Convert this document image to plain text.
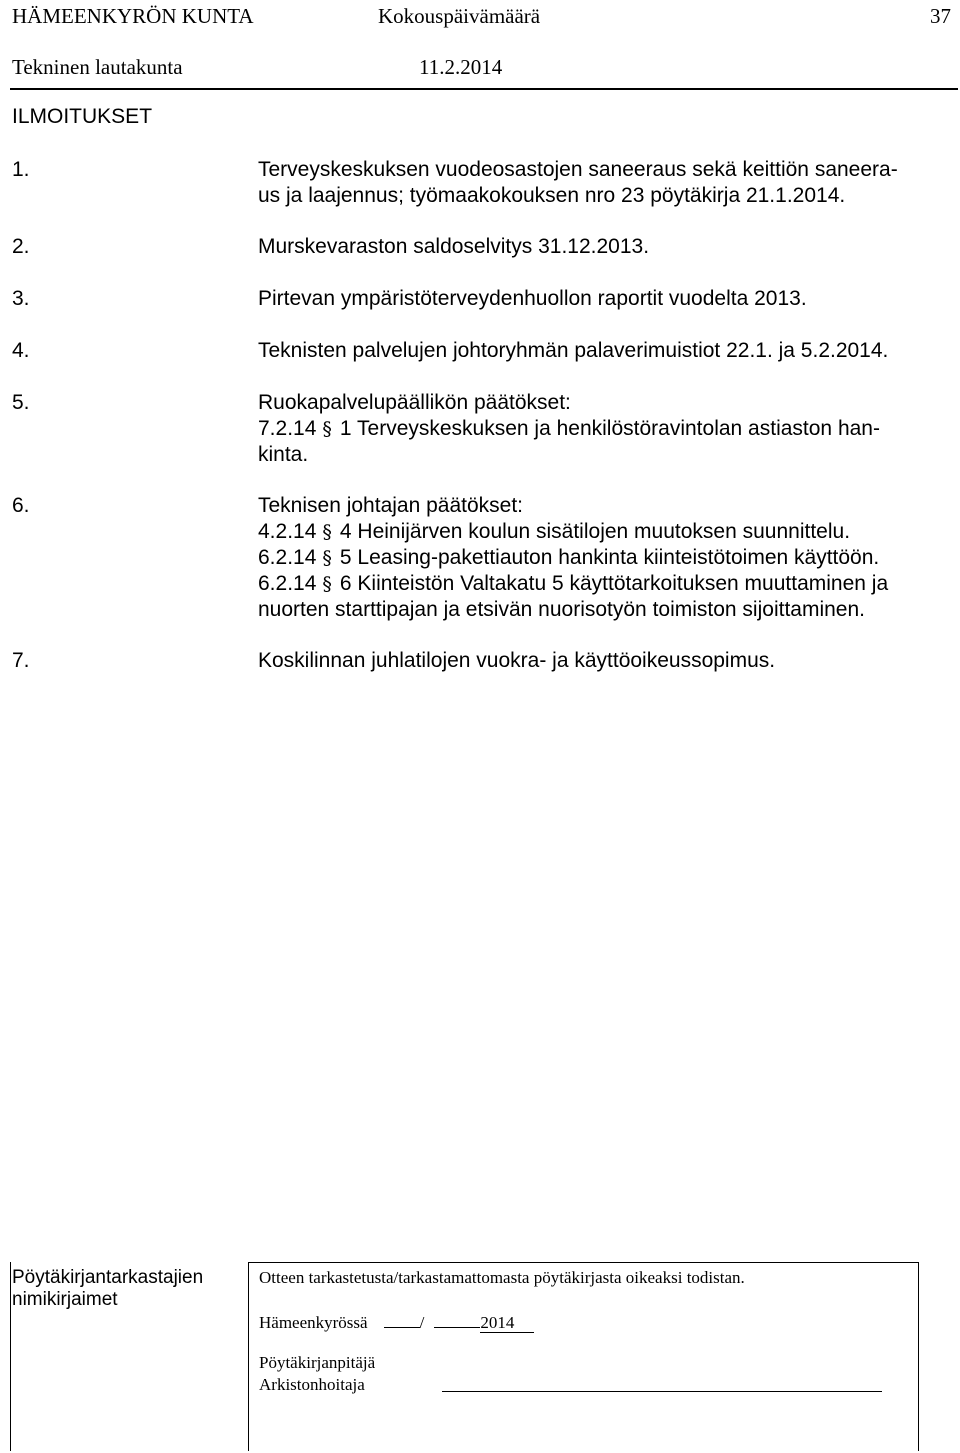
HÄMEENKYRÖN KUNTA	Kokouspäivämäärä	37
Tekninen lautakunta	11.2.2014
ILMOITUKSET
1.	Terveyskeskuksen vuodeosastojen saneeraus sekä keittiön saneera-
us ja laajennus; työmaakokouksen nro 23 pöytäkirja 21.1.2014.
2.	Murskevaraston saldoselvitys 31.12.2013.
3.	Pirtevan ympäristöterveydenhuollon raportit vuodelta 2013.
4.	Teknisten palvelujen johtoryhmän palaverimuistiot 22.1. ja 5.2.2014.
5.	Ruokapalvelupäällikön päätökset:
7.2.14 § 1 Terveyskeskuksen ja henkilöstöravintolan astiaston han-
kinta.
6.	Teknisen johtajan päätökset:
4.2.14 § 4 Heinijärven koulun sisätilojen muutoksen suunnittelu.
6.2.14 § 5 Leasing-pakettiauton hankinta kiinteistötoimen käyttöön.
6.2.14 § 6 Kiinteistön Valtakatu 5 käyttötarkoituksen muuttaminen ja
nuorten starttipajan ja etsivän nuorisotyön toimiston sijoittaminen.
7.	Koskilinnan juhlatilojen vuokra- ja käyttöoikeussopimus.
Pöytäkirjantarkastajien
nimikirjaimet
Otteen tarkastetusta/tarkastamattomasta pöytäkirjasta oikeaksi todistan.
Hämeenkyrössä	/	2014
Pöytäkirjanpitäjä
Arkistonhoitaja
